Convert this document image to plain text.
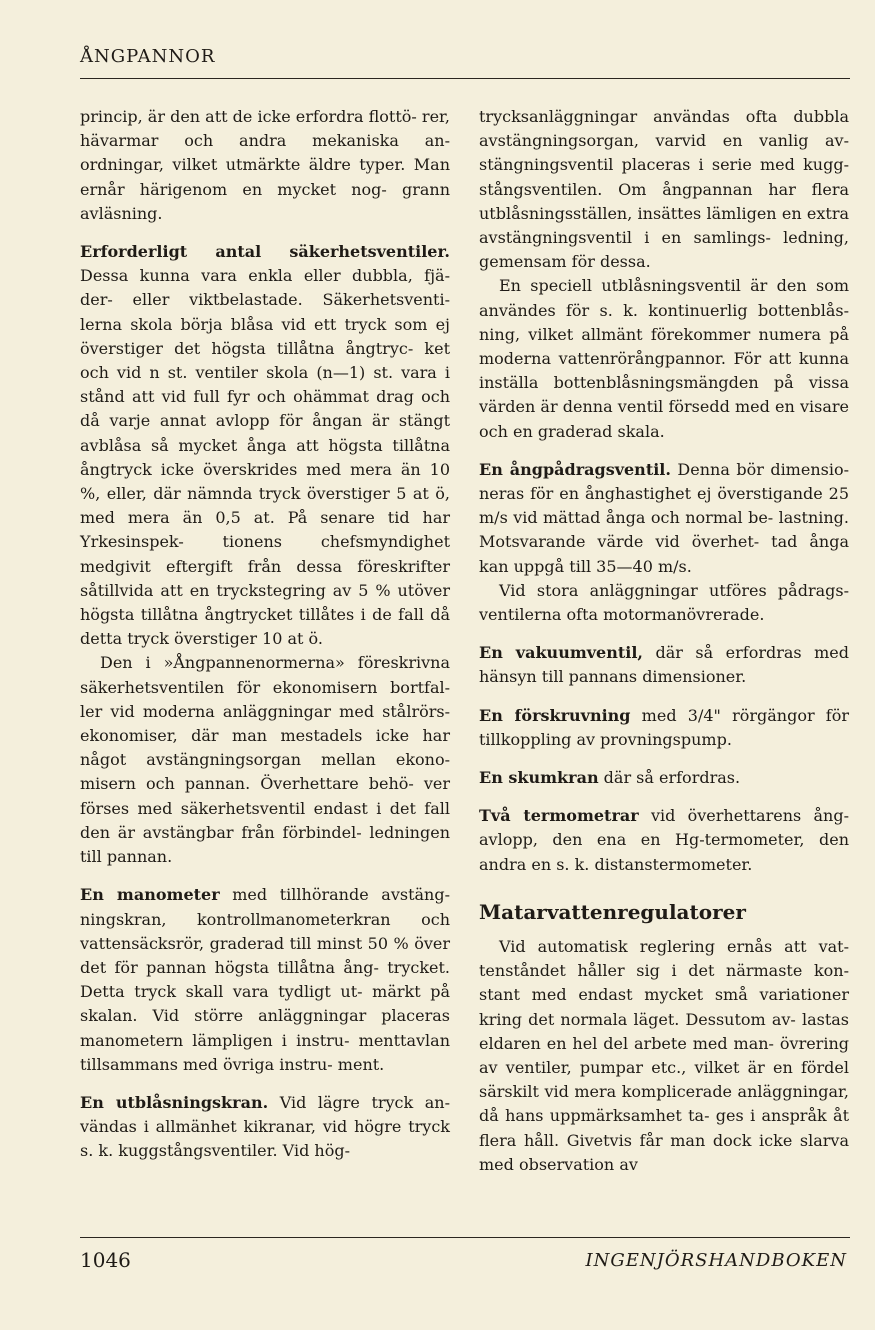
ÅNGPANNOR

princip, är den att de icke erfordra flottö- rer, hävarmar och andra mekaniska an- ordningar, vilket utmärkte äldre typer. Man ernår härigenom en mycket nog- grann avläsning.

Erforderligt antal säkerhetsventiler. Dessa kunna vara enkla eller dubbla, fjä- der- eller viktbelastade. Säkerhetsventi- lerna skola börja blåsa vid ett tryck som ej överstiger det högsta tillåtna ångtryc- ket och vid n st. ventiler skola (n—1) st. vara i stånd att vid full fyr och ohämmat drag och då varje annat avlopp för ångan är stängt avblåsa så mycket ånga att högsta tillåtna ångtryck icke överskrides med mera än 10 %, eller, där nämnda tryck överstiger 5 at ö, med mera än 0,5 at. På senare tid har Yrkesinspek- tionens chefsmyndighet medgivit eftergift från dessa föreskrifter såtillvida att en tryckstegring av 5 % utöver högsta tillåtna ångtrycket tillåtes i de fall då detta tryck överstiger 10 at ö.

Den i »Ångpannenormerna» föreskrivna säkerhetsventilen för ekonomisern bortfal- ler vid moderna anläggningar med stålrörs- ekonomiser, där man mestadels icke har något avstängningsorgan mellan ekono- misern och pannan. Överhettare behö- ver förses med säkerhetsventil endast i det fall den är avstängbar från förbindel- ledningen till pannan.

En manometer med tillhörande avstäng- ningskran, kontrollmanometerkran och vattensäcksrör, graderad till minst 50 % över det för pannan högsta tillåtna ång- trycket. Detta tryck skall vara tydligt ut- märkt på skalan. Vid större anläggningar placeras manometern lämpligen i instru- menttavlan tillsammans med övriga instru- ment.

En utblåsningskran. Vid lägre tryck an- vändas i allmänhet kikranar, vid högre tryck s. k. kuggstångsventiler. Vid hög-

trycksanläggningar användas ofta dubbla avstängningsorgan, varvid en vanlig av- stängningsventil placeras i serie med kugg- stångsventilen. Om ångpannan har flera utblåsningsställen, insättes lämligen en extra avstängningsventil i en samlings- ledning, gemensam för dessa.

En speciell utblåsningsventil är den som användes för s. k. kontinuerlig bottenblås- ning, vilket allmänt förekommer numera på moderna vattenrörångpannor. För att kunna inställa bottenblåsningsmängden på vissa värden är denna ventil försedd med en visare och en graderad skala.

En ångpådragsventil. Denna bör dimensio- neras för en ånghastighet ej överstigande 25 m/s vid mättad ånga och normal be- lastning. Motsvarande värde vid överhet- tad ånga kan uppgå till 35—40 m/s.

Vid stora anläggningar utföres pådrags- ventilerna ofta motormanövrerade.

En vakuumventil, där så erfordras med hänsyn till pannans dimensioner.

En förskruvning med 3/4" rörgängor för tillkoppling av provningspump.

En skumkran där så erfordras.

Två termometrar vid överhettarens ång- avlopp, den ena en Hg-termometer, den andra en s. k. distanstermometer.

Matarvattenregulatorer

Vid automatisk reglering ernås att vat- tenståndet håller sig i det närmaste kon- stant med endast mycket små variationer kring det normala läget. Dessutom av- lastas eldaren en hel del arbete med man- övrering av ventiler, pumpar etc., vilket är en fördel särskilt vid mera komplicerade anläggningar, då hans uppmärksamhet ta- ges i anspråk åt flera håll. Givetvis får man dock icke slarva med observation av

1046	INGENJÖRSHANDBOKEN
